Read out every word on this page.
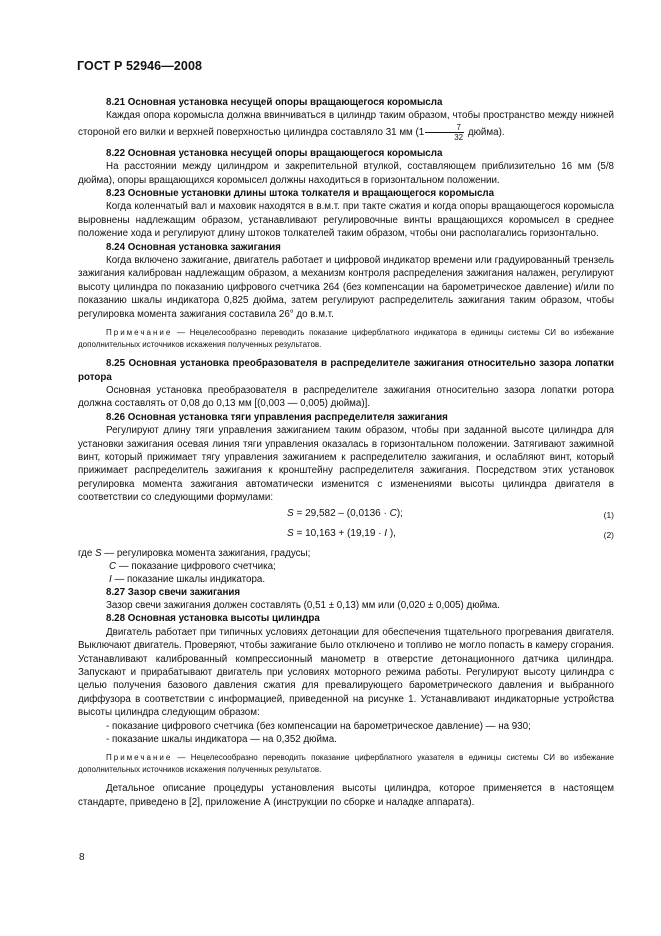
ГОСТ Р 52946—2008
8.21 Основная установка несущей опоры вращающегося коромысла
Каждая опора коромысла должна ввинчиваться в цилиндр таким образом, чтобы пространство между нижней стороной его вилки и верхней поверхностью цилиндра составляло 31 мм ($1 \frac{7}{32}$ дюйма).
8.22 Основная установка несущей опоры вращающегося коромысла
На расстоянии между цилиндром и закрепительной втулкой, составляющем приблизительно 16 мм (5/8 дюйма), опоры вращающихся коромысел должны находиться в горизонтальном положении.
8.23 Основные установки длины штока толкателя и вращающегося коромысла
Когда коленчатый вал и маховик находятся в в.м.т. при такте сжатия и когда опоры вращающегося коромысла выровнены надлежащим образом, устанавливают регулировочные винты вращающихся коромысел в среднее положение хода и регулируют длину штоков толкателей таким образом, чтобы они располагались горизонтально.
8.24 Основная установка зажигания
Когда включено зажигание, двигатель работает и цифровой индикатор времени или градуированный трензель зажигания калиброван надлежащим образом, а механизм контроля распределения зажигания налажен, регулируют высоту цилиндра по показанию цифрового счетчика 264 (без компенсации на барометрическое давление) и/или по показанию шкалы индикатора 0,825 дюйма, затем регулируют распределитель зажигания таким образом, чтобы регулировка момента зажигания составила 26° до в.м.т.
Примечание — Нецелесообразно переводить показание циферблатного индикатора в единицы системы СИ во избежание дополнительных источников искажения полученных результатов.
8.25 Основная установка преобразователя в распределителе зажигания относительно зазора лопатки ротора
Основная установка преобразователя в распределителе зажигания относительно зазора лопатки ротора должна составлять от 0,08 до 0,13 мм [(0,003 — 0,005) дюйма)].
8.26 Основная установка тяги управления распределителя зажигания
Регулируют длину тяги управления зажиганием таким образом, чтобы при заданной высоте цилиндра для установки зажигания осевая линия тяги управления оказалась в горизонтальном положении. Затягивают зажимной винт, который прижимает тягу управления зажиганием к распределителю зажигания, и ослабляют винт, который прижимает распределитель зажигания к кронштейну распределителя зажигания. Посредством этих установок регулировка момента зажигания автоматически изменится с изменениями высоты цилиндра двигателя в соответствии со следующими формулами:
S = 29,582 – (0,0136 · C);	(1)
S = 10,163 + (19,19 · I ),	(2)
где S — регулировка момента зажигания, градусы;
C — показание цифрового счетчика;
I — показание шкалы индикатора.
8.27 Зазор свечи зажигания
Зазор свечи зажигания должен составлять (0,51 ± 0,13) мм или (0,020 ± 0,005) дюйма.
8.28 Основная установка высоты цилиндра
Двигатель работает при типичных условиях детонации для обеспечения тщательного прогревания двигателя. Выключают двигатель. Проверяют, чтобы зажигание было отключено и топливо не могло попасть в камеру сгорания. Устанавливают калиброванный компрессионный манометр в отверстие детонационного датчика цилиндра. Запускают и прирабатывают двигатель при условиях моторного режима работы. Регулируют высоту цилиндра с целью получения базового давления сжатия для превалирующего барометрического давления и выбранного диффузора в соответствии с информацией, приведенной на рисунке 1. Устанавливают индикаторные устройства высоты цилиндра следующим образом:
- показание цифрового счетчика (без компенсации на барометрическое давление) — на 930;
- показание шкалы индикатора — на 0,352 дюйма.
Примечание — Нецелесообразно переводить показание циферблатного указателя в единицы системы СИ во избежание дополнительных источников искажения полученных результатов.
Детальное описание процедуры установления высоты цилиндра, которое применяется в настоящем стандарте, приведено в [2], приложение А (инструкции по сборке и наладке аппарата).
8
